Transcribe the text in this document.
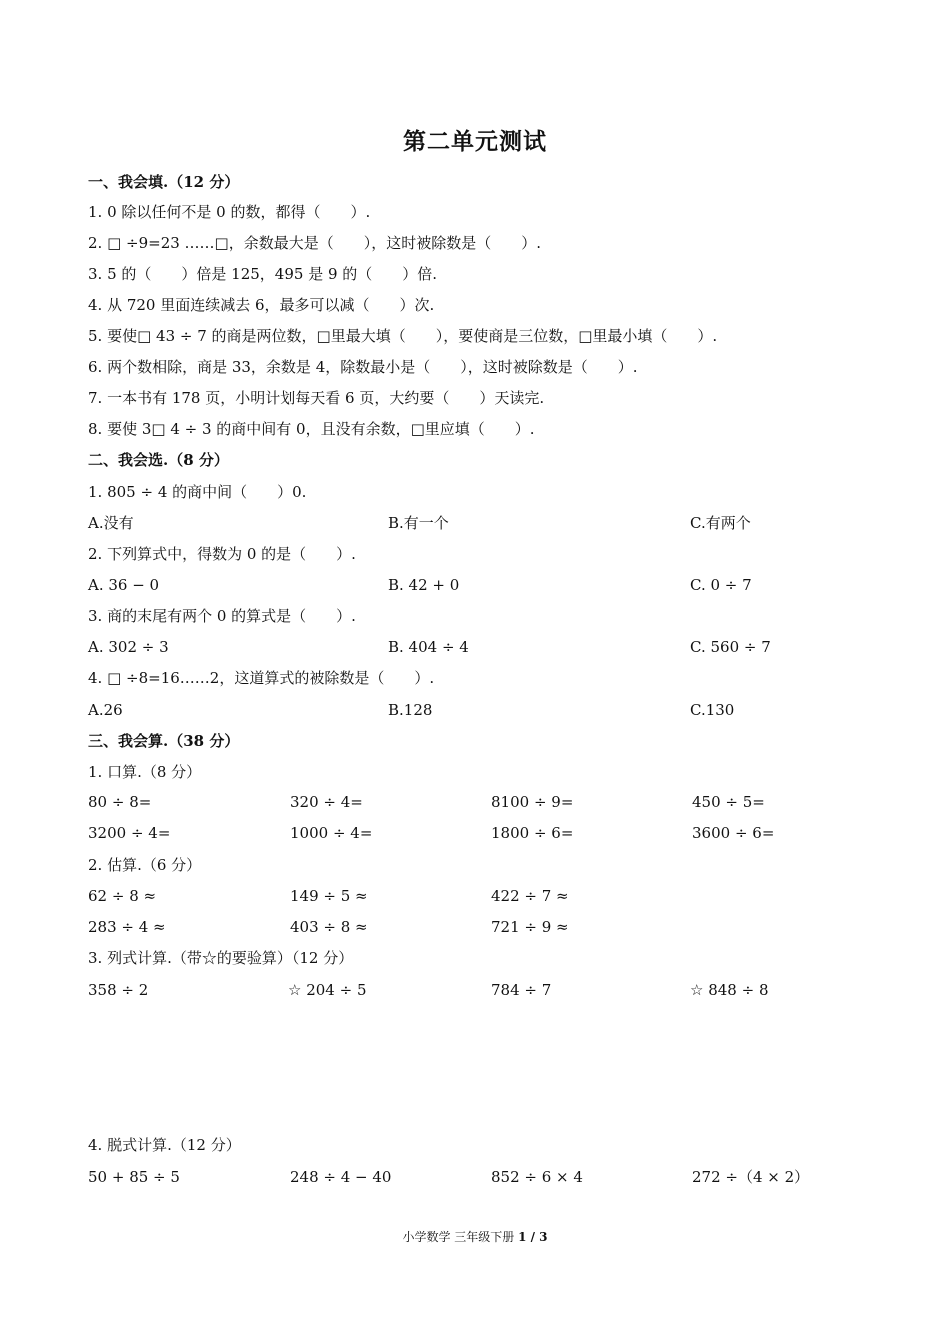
第二单元测试
一、我会填.（12 分）
1. 0 除以任何不是 0 的数，都得（　　）.
2. □ ÷9=23 ……□，余数最大是（　　），这时被除数是（　　）.
3. 5 的（　　）倍是 125，495 是 9 的（　　）倍.
4. 从 720 里面连续减去 6，最多可以减（　　）次.
5. 要使□ 43 ÷ 7 的商是两位数，□里最大填（　　），要使商是三位数，□里最小填（　　）.
6. 两个数相除，商是 33，余数是 4，除数最小是（　　），这时被除数是（　　）.
7. 一本书有 178 页，小明计划每天看 6 页，大约要（　　）天读完.
8. 要使 3□ 4 ÷ 3 的商中间有 0，且没有余数，□里应填（　　）.
二、我会选.（8 分）
1. 805 ÷ 4 的商中间（　　）0.
A.没有	B.有一个	C.有两个
2. 下列算式中，得数为 0 的是（　　）.
A. 36 − 0	B. 42 + 0	C. 0 ÷ 7
3. 商的末尾有两个 0 的算式是（　　）.
A. 302 ÷ 3	B. 404 ÷ 4	C. 560 ÷ 7
4. □ ÷8=16……2，这道算式的被除数是（　　）.
A.26	B.128	C.130
三、我会算.（38 分）
1. 口算.（8 分）
80 ÷ 8=	320 ÷ 4=	8100 ÷ 9=	450 ÷ 5=
3200 ÷ 4=	1000 ÷ 4=	1800 ÷ 6=	3600 ÷ 6=
2. 估算.（6 分）
62 ÷ 8 ≈	149 ÷ 5 ≈	422 ÷ 7 ≈
283 ÷ 4 ≈	403 ÷ 8 ≈	721 ÷ 9 ≈
3. 列式计算.（带☆的要验算）（12 分）
358 ÷ 2	☆ 204 ÷ 5	784 ÷ 7	☆ 848 ÷ 8
4. 脱式计算.（12 分）
50 + 85 ÷ 5	248 ÷ 4 − 40	852 ÷ 6 × 4	272 ÷（4 × 2）
小学数学 三年级下册 1 / 3
